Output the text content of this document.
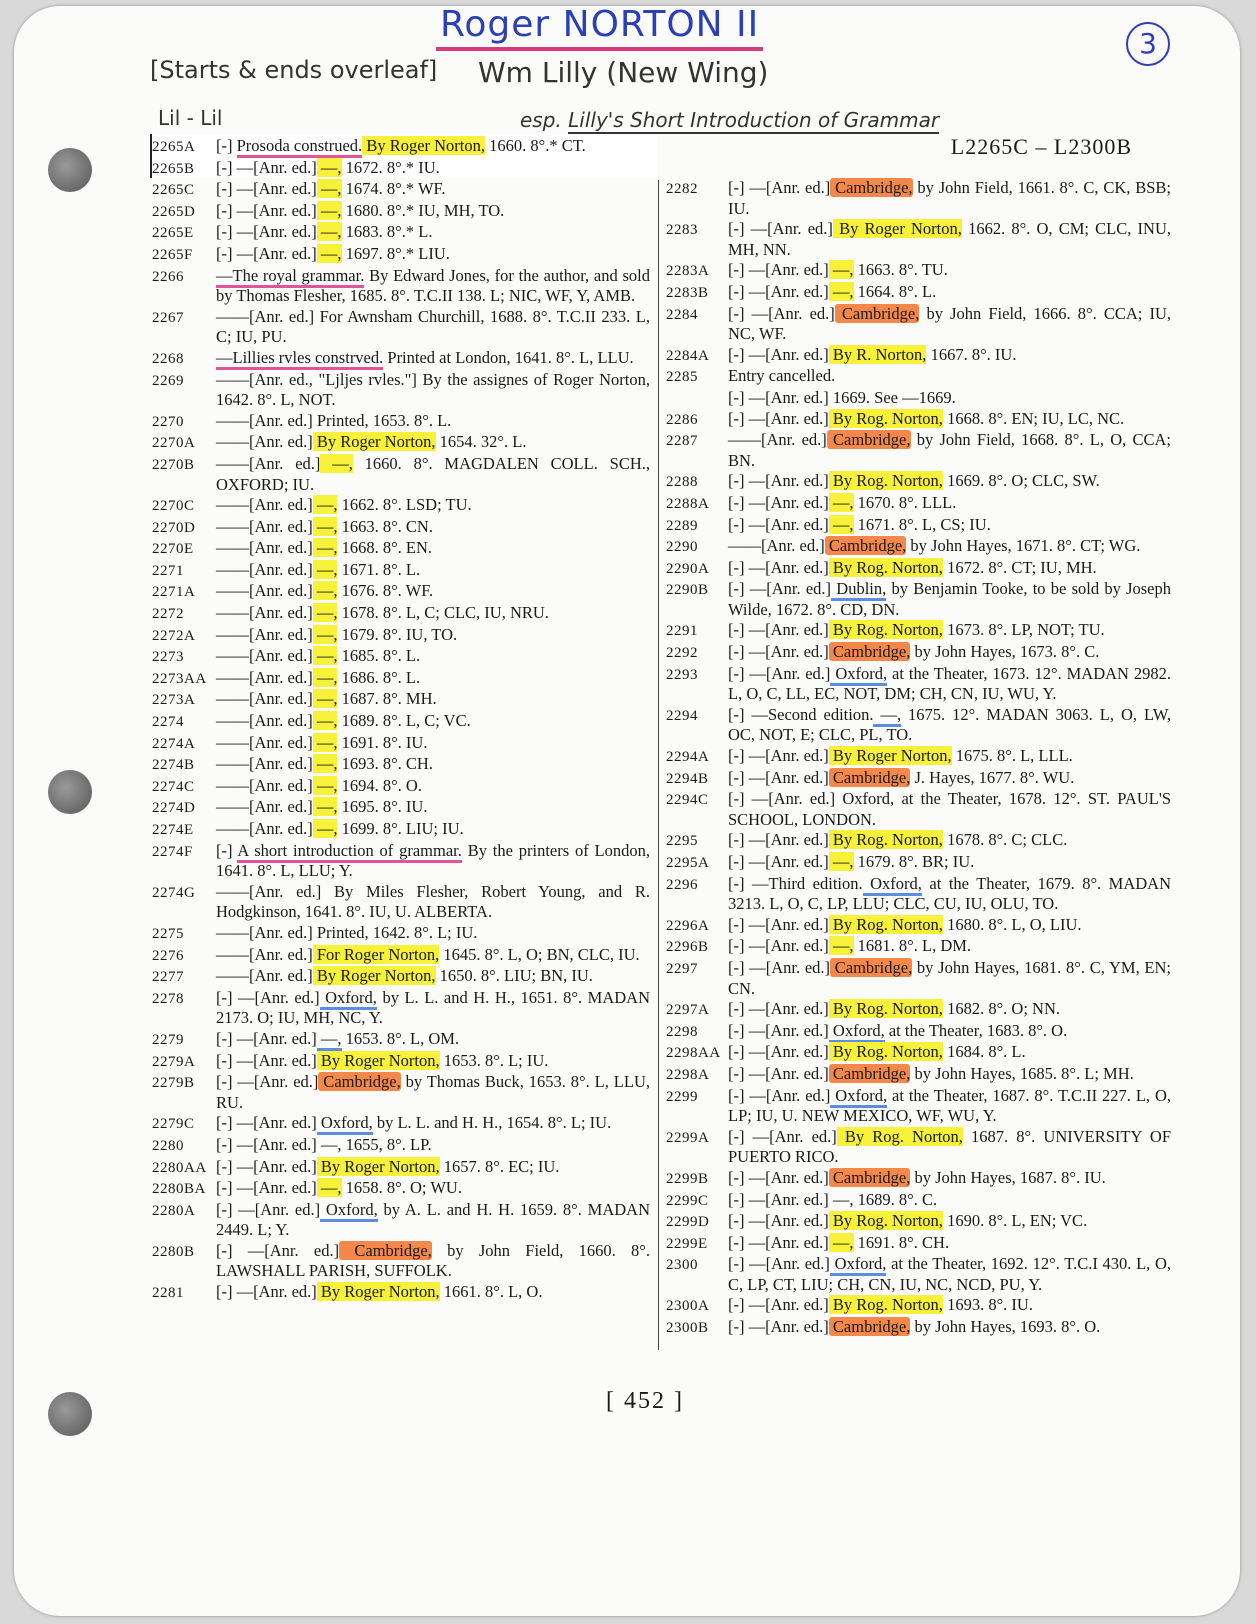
Roger NORTON II	3
[Starts & ends overleaf] Wm Lilly (New Wing)
Lil - Lil	esp. Lilly's Short Introduction of Grammar
L2265C – L2300B
2265A	[-] Prosoda construed. By Roger Norton, 1660. 8°.* CT.
2265B	[-] —[Anr. ed.] —, 1672. 8°.* IU.
2265C	[-] —[Anr. ed.] —, 1674. 8°.* WF.
2265D	[-] —[Anr. ed.] —, 1680. 8°.* IU, MH, TO.
2265E	[-] —[Anr. ed.] —, 1683. 8°.* L.
2265F	[-] —[Anr. ed.] —, 1697. 8°.* LIU.
2266	—The royal grammar. By Edward Jones, for the author, and sold by Thomas Flesher, 1685. 8°. T.C.II 138. L; NIC, WF, Y, AMB.
2267	——[Anr. ed.] For Awnsham Churchill, 1688. 8°. T.C.II 233. L, C; IU, PU.
2268	—Lillies rvles constrved. Printed at London, 1641. 8°. L, LLU.
2269	——[Anr. ed., "Ljljes rvles."] By the assignes of Roger Norton, 1642. 8°. L, NOT.
2270	——[Anr. ed.] Printed, 1653. 8°. L.
2270A	——[Anr. ed.] By Roger Norton, 1654. 32°. L.
2270B	——[Anr. ed.] —, 1660. 8°. MAGDALEN COLL. SCH., OXFORD; IU.
2270C	——[Anr. ed.] —, 1662. 8°. LSD; TU.
2270D	——[Anr. ed.] —, 1663. 8°. CN.
2270E	——[Anr. ed.] —, 1668. 8°. EN.
2271	——[Anr. ed.] —, 1671. 8°. L.
2271A	——[Anr. ed.] —, 1676. 8°. WF.
2272	——[Anr. ed.] —, 1678. 8°. L, C; CLC, IU, NRU.
2272A	——[Anr. ed.] —, 1679. 8°. IU, TO.
2273	——[Anr. ed.] —, 1685. 8°. L.
2273AA ——[Anr. ed.] —, 1686. 8°. L.
2273A	——[Anr. ed.] —, 1687. 8°. MH.
2274	——[Anr. ed.] —, 1689. 8°. L, C; VC.
2274A	——[Anr. ed.] —, 1691. 8°. IU.
2274B	——[Anr. ed.] —, 1693. 8°. CH.
2274C	——[Anr. ed.] —, 1694. 8°. O.
2274D	——[Anr. ed.] —, 1695. 8°. IU.
2274E	——[Anr. ed.] —, 1699. 8°. LIU; IU.
2274F	[-] A short introduction of grammar. By the printers of London, 1641. 8°. L, LLU; Y.
2274G	——[Anr. ed.] By Miles Flesher, Robert Young, and R. Hodgkinson, 1641. 8°. IU, U. ALBERTA.
2275	——[Anr. ed.] Printed, 1642. 8°. L; IU.
2276	——[Anr. ed.] For Roger Norton, 1645. 8°. L, O; BN, CLC, IU.
2277	——[Anr. ed.] By Roger Norton, 1650. 8°. LIU; BN, IU.
2278	[-] —[Anr. ed.] Oxford, by L. L. and H. H., 1651. 8°. MADAN 2173. O; IU, MH, NC, Y.
2279	[-] —[Anr. ed.] —, 1653. 8°. L, OM.
2279A	[-] —[Anr. ed.] By Roger Norton, 1653. 8°. L; IU.
2279B	[-] —[Anr. ed.] Cambridge, by Thomas Buck, 1653. 8°. L, LLU, RU.
2279C	[-] —[Anr. ed.] Oxford, by L. L. and H. H., 1654. 8°. L; IU.
2280	[-] —[Anr. ed.] —, 1655, 8°. LP.
2280AA [-] —[Anr. ed.] By Roger Norton, 1657. 8°. EC; IU.
2280BA [-] —[Anr. ed.] —, 1658. 8°. O; WU.
2280A	[-] —[Anr. ed.] Oxford, by A. L. and H. H. 1659. 8°. MADAN 2449. L; Y.
2280B	[-] —[Anr. ed.] Cambridge, by John Field, 1660. 8°. LAWSHALL PARISH, SUFFOLK.
2281	[-] —[Anr. ed.] By Roger Norton, 1661. 8°. L, O.
2282	[-] —[Anr. ed.] Cambridge, by John Field, 1661. 8°. C, CK, BSB; IU.
2283	[-] —[Anr. ed.] By Roger Norton, 1662. 8°. O, CM; CLC, INU, MH, NN.
2283A	[-] —[Anr. ed.] —, 1663. 8°. TU.
2283B	[-] —[Anr. ed.] —, 1664. 8°. L.
2284	[-] —[Anr. ed.] Cambridge, by John Field, 1666. 8°. CCA; IU, NC, WF.
2284A	[-] —[Anr. ed.] By R. Norton, 1667. 8°. IU.
2285	Entry cancelled.
[-] —[Anr. ed.] 1669. See —1669.
2286	[-] —[Anr. ed.] By Rog. Norton, 1668. 8°. EN; IU, LC, NC.
2287	——[Anr. ed.] Cambridge, by John Field, 1668. 8°. L, O, CCA; BN.
2288	[-] —[Anr. ed.] By Rog. Norton, 1669. 8°. O; CLC, SW.
2288A	[-] —[Anr. ed.] —, 1670. 8°. LLL.
2289	[-] —[Anr. ed.] —, 1671. 8°. L, CS; IU.
2290	——[Anr. ed.] Cambridge, by John Hayes, 1671. 8°. CT; WG.
2290A	[-] —[Anr. ed.] By Rog. Norton, 1672. 8°. CT; IU, MH.
2290B	[-] —[Anr. ed.] Dublin, by Benjamin Tooke, to be sold by Joseph Wilde, 1672. 8°. CD, DN.
2291	[-] —[Anr. ed.] By Rog. Norton, 1673. 8°. LP, NOT; TU.
2292	[-] —[Anr. ed.] Cambridge, by John Hayes, 1673. 8°. C.
2293	[-] —[Anr. ed.] Oxford, at the Theater, 1673. 12°. MADAN 2982. L, O, C, LL, EC, NOT, DM; CH, CN, IU, WU, Y.
2294	[-] —Second edition. —, 1675. 12°. MADAN 3063. L, O, LW, OC, NOT, E; CLC, PL, TO.
2294A	[-] —[Anr. ed.] By Roger Norton, 1675. 8°. L, LLL.
2294B	[-] —[Anr. ed.] Cambridge, J. Hayes, 1677. 8°. WU.
2294C	[-] —[Anr. ed.] Oxford, at the Theater, 1678. 12°. ST. PAUL'S SCHOOL, LONDON.
2295	[-] —[Anr. ed.] By Rog. Norton, 1678. 8°. C; CLC.
2295A	[-] —[Anr. ed.] —, 1679. 8°. BR; IU.
2296	[-] —Third edition. Oxford, at the Theater, 1679. 8°. MADAN 3213. L, O, C, LP, LLU; CLC, CU, IU, OLU, TO.
2296A	[-] —[Anr. ed.] By Rog. Norton, 1680. 8°. L, O, LIU.
2296B	[-] —[Anr. ed.] —, 1681. 8°. L, DM.
2297	[-] —[Anr. ed.] Cambridge, by John Hayes, 1681. 8°. C, YM, EN; CN.
2297A	[-] —[Anr. ed.] By Rog. Norton, 1682. 8°. O; NN.
2298	[-] —[Anr. ed.] Oxford, at the Theater, 1683. 8°. O.
2298AA [-] —[Anr. ed.] By Rog. Norton, 1684. 8°. L.
2298A	[-] —[Anr. ed.] Cambridge, by John Hayes, 1685. 8°. L; MH.
2299	[-] —[Anr. ed.] Oxford, at the Theater, 1687. 8°. T.C.II 227. L, O, LP; IU, U. NEW MEXICO, WF, WU, Y.
2299A	[-] —[Anr. ed.] By Rog. Norton, 1687. 8°. UNIVERSITY OF PUERTO RICO.
2299B	[-] —[Anr. ed.] Cambridge, by John Hayes, 1687. 8°. IU.
2299C	[-] —[Anr. ed.] —, 1689. 8°. C.
2299D	[-] —[Anr. ed.] By Rog. Norton, 1690. 8°. L, EN; VC.
2299E	[-] —[Anr. ed.] —, 1691. 8°. CH.
2300	[-] —[Anr. ed.] Oxford, at the Theater, 1692. 12°. T.C.I 430. L, O, C, LP, CT, LIU; CH, CN, IU, NC, NCD, PU, Y.
2300A	[-] —[Anr. ed.] By Rog. Norton, 1693. 8°. IU.
2300B	[-] —[Anr. ed.] Cambridge, by John Hayes, 1693. 8°. O.
[ 452 ]
